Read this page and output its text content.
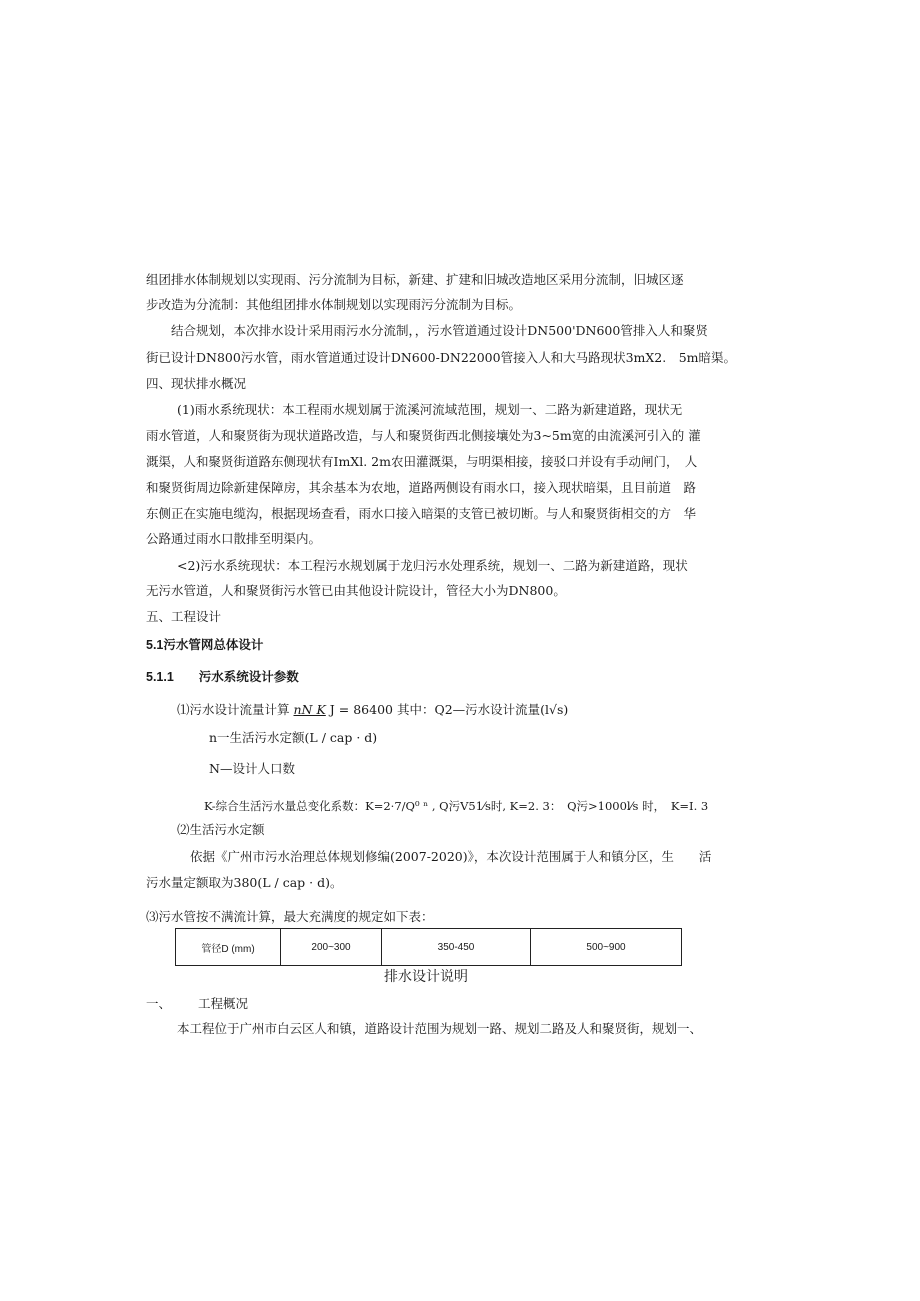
组团排水体制规划以实现雨、污分流制为目标，新建、扩建和旧城改造地区采用分流制，旧城区逐
步改造为分流制：其他组团排水体制规划以实现雨污分流制为目标。
结合规划，本次排水设计采用雨污水分流制，，污水管道通过设计DN500'DN600管排入人和聚贤
街已设计DN800污水管，雨水管道通过设计DN600-DN22000管接入人和大马路现状3mX2.　5m暗渠。
四、现状排水概况
(1)雨水系统现状：本工程雨水规划属于流溪河流域范围，规划一、二路为新建道路，现状无
雨水管道，人和聚贤街为现状道路改造，与人和聚贤街西北侧接壤处为3~5m宽的由流溪河引入的 灌
溉渠，人和聚贤街道路东侧现状有ImXl. 2m农田灌溉渠，与明渠相接，接驳口并设有手动闸门，　人
和聚贤街周边除新建保障房，其余基本为农地，道路两侧设有雨水口，接入现状暗渠，且目前道　路
东侧正在实施电缆沟，根据现场查看，雨水口接入暗渠的支管已被切断。与人和聚贤街相交的方　华
公路通过雨水口散排至明渠内。
<2)污水系统现状：本工程污水规划属于龙归污水处理系统，规划一、二路为新建道路，现状
无污水管道，人和聚贤街污水管已由其他设计院设计，管径大小为DN800。
五、工程设计
5.1污水管网总体设计
5.1.1　　污水系统设计参数
⑴污水设计流量计算 nN K J = 86400 其中：Q2—污水设计流量(l√s)
n一生活污水定额(L / cap · d)
N—设计人口数
K-综合生活污水量总变化系数：K=2·7/Q⁰ ⁿ , Q污V51⁄s时, K=2. 3：　Q污>1000l⁄s 时，　K=I. 3
⑵生活污水定额
依据《广州市污水治理总体规划修编(2007-2020)》，本次设计范围属于人和镇分区，生　　活
污水量定额取为380(L / cap · d)。
⑶污水管按不满流计算，最大充满度的规定如下表：
管径D (mm)	200~300	350-450	500~900
排水设计说明
一、 工程概况
本工程位于广州市白云区人和镇，道路设计范围为规划一路、规划二路及人和聚贤街，规划一、
